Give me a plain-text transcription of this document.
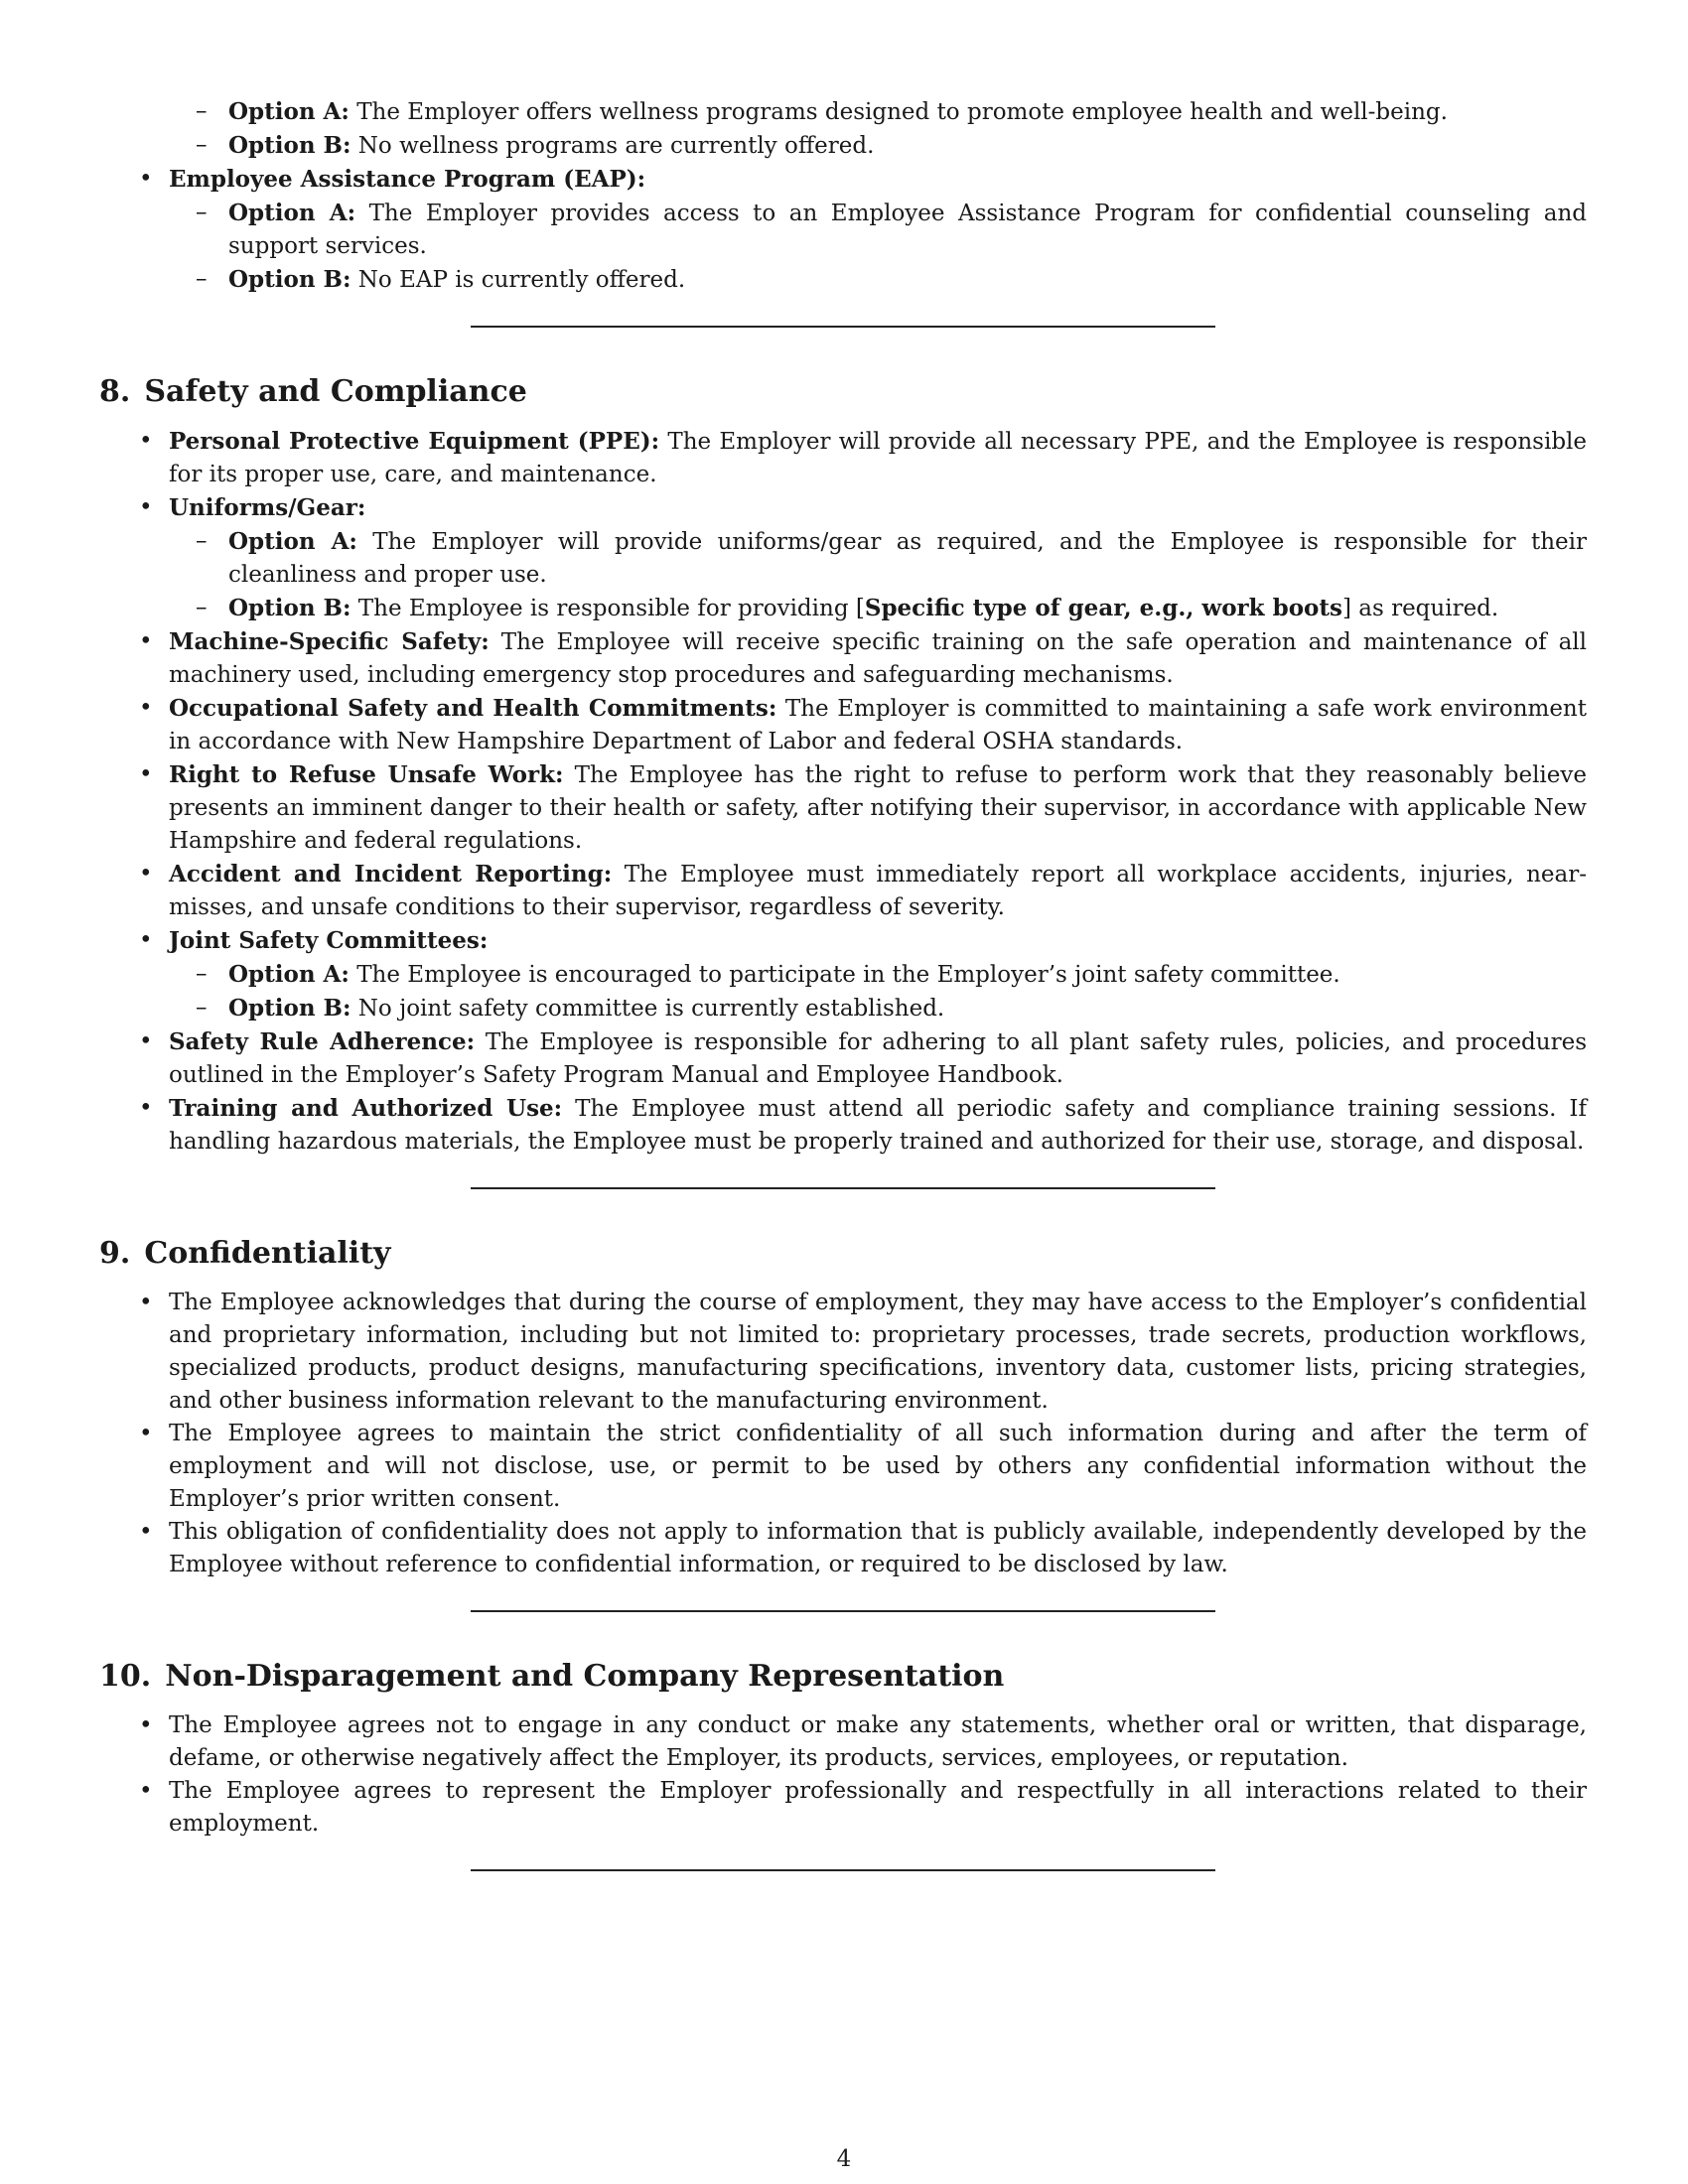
– Option A: The Employer offers wellness programs designed to promote employee health and well-being.
– Option B: No wellness programs are currently offered.
• Employee Assistance Program (EAP):
– Option A: The Employer provides access to an Employee Assistance Program for confidential counseling and support services.
– Option B: No EAP is currently offered.
8. Safety and Compliance
• Personal Protective Equipment (PPE): The Employer will provide all necessary PPE, and the Employee is responsible for its proper use, care, and maintenance.
• Uniforms/Gear:
– Option A: The Employer will provide uniforms/gear as required, and the Employee is responsible for their cleanliness and proper use.
– Option B: The Employee is responsible for providing [Specific type of gear, e.g., work boots] as required.
• Machine-Specific Safety: The Employee will receive specific training on the safe operation and maintenance of all machinery used, including emergency stop procedures and safeguarding mechanisms.
• Occupational Safety and Health Commitments: The Employer is committed to maintaining a safe work environment in accordance with New Hampshire Department of Labor and federal OSHA standards.
• Right to Refuse Unsafe Work: The Employee has the right to refuse to perform work that they reasonably believe presents an imminent danger to their health or safety, after notifying their supervisor, in accordance with applicable New Hampshire and federal regulations.
• Accident and Incident Reporting: The Employee must immediately report all workplace accidents, injuries, near-misses, and unsafe conditions to their supervisor, regardless of severity.
• Joint Safety Committees:
– Option A: The Employee is encouraged to participate in the Employer’s joint safety committee.
– Option B: No joint safety committee is currently established.
• Safety Rule Adherence: The Employee is responsible for adhering to all plant safety rules, policies, and procedures outlined in the Employer’s Safety Program Manual and Employee Handbook.
• Training and Authorized Use: The Employee must attend all periodic safety and compliance training sessions. If handling hazardous materials, the Employee must be properly trained and authorized for their use, storage, and disposal.
9. Confidentiality
• The Employee acknowledges that during the course of employment, they may have access to the Employer’s confidential and proprietary information, including but not limited to: proprietary processes, trade secrets, production workflows, specialized products, product designs, manufacturing specifications, inventory data, customer lists, pricing strategies, and other business information relevant to the manufacturing environment.
• The Employee agrees to maintain the strict confidentiality of all such information during and after the term of employment and will not disclose, use, or permit to be used by others any confidential information without the Employer’s prior written consent.
• This obligation of confidentiality does not apply to information that is publicly available, independently developed by the Employee without reference to confidential information, or required to be disclosed by law.
10. Non-Disparagement and Company Representation
• The Employee agrees not to engage in any conduct or make any statements, whether oral or written, that disparage, defame, or otherwise negatively affect the Employer, its products, services, employees, or reputation.
• The Employee agrees to represent the Employer professionally and respectfully in all interactions related to their employment.
4
